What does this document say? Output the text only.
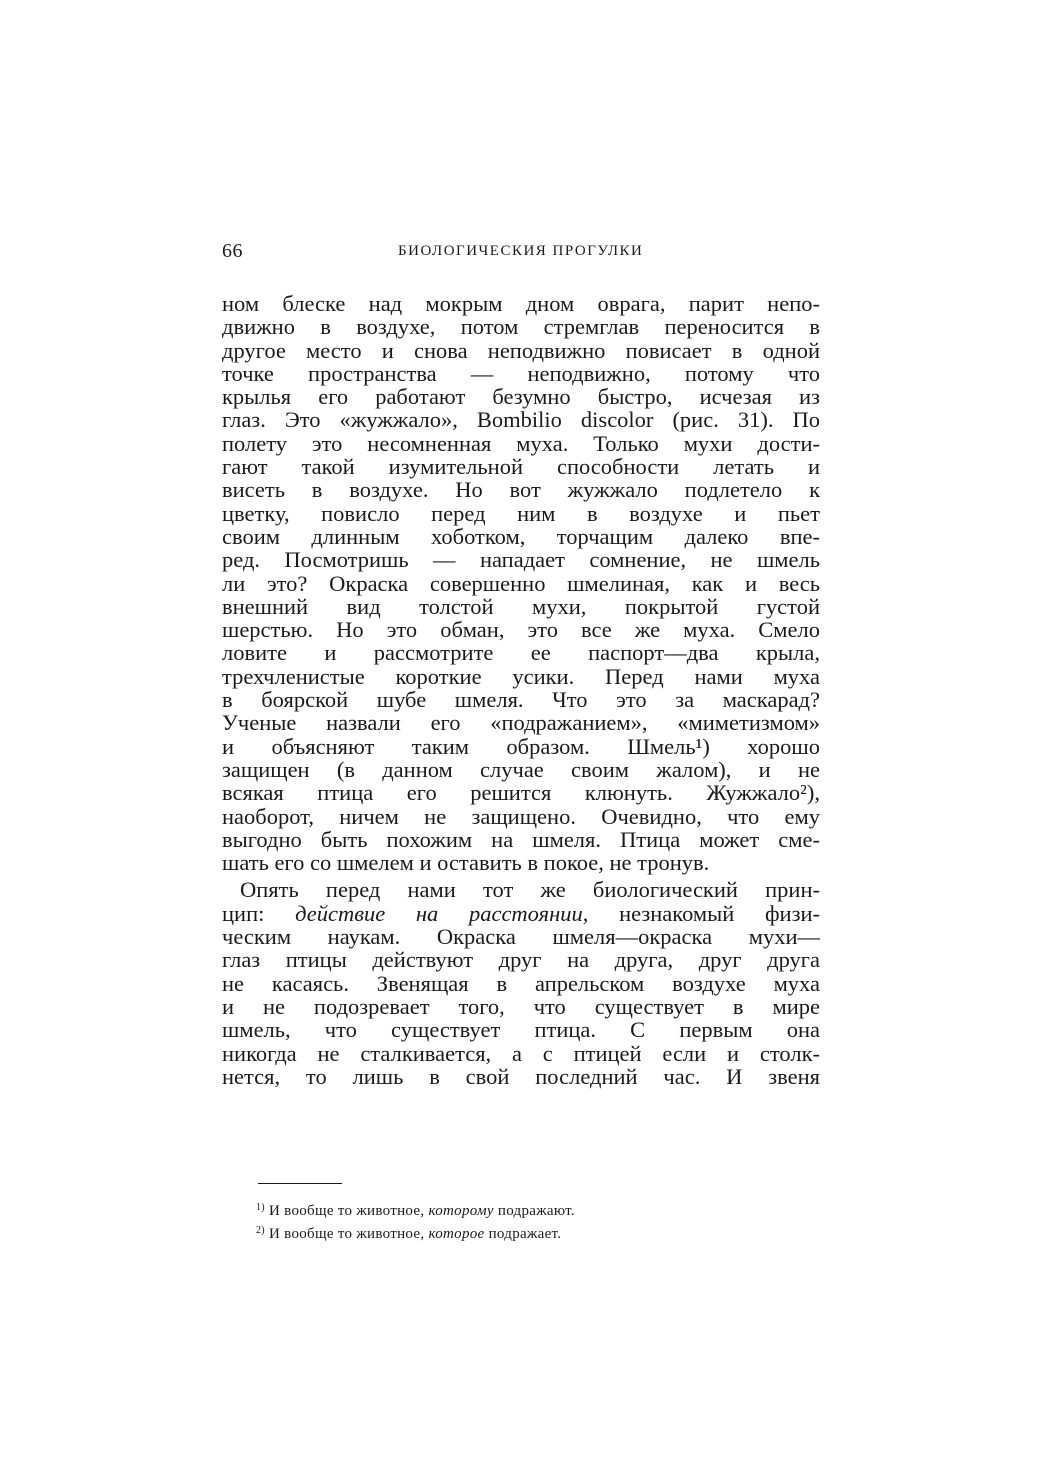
66	БИОЛОГИЧЕСКИЯ ПРОГУЛКИ
ном блеске над мокрым дном оврага, парит непо-
движно в воздухе, потом стремглав переносится в
другое место и снова неподвижно повисает в одной
точке пространства — неподвижно, потому что
крылья его работают безумно быстро, исчезая из
глаз. Это «жужжало», Bombilio discolor (рис. 31). По
полету это несомненная муха. Только мухи дости-
гают такой изумительной способности летать и
висеть в воздухе. Но вот жужжало подлетело к
цветку, повисло перед ним в воздухе и пьет
своим длинным хоботком, торчащим далеко впе-
ред. Посмотришь — нападает сомнение, не шмель
ли это? Окраска совершенно шмелиная, как и весь
внешний вид толстой мухи, покрытой густой
шерстью. Но это обман, это все же муха. Смело
ловите и рассмотрите ее паспорт—два крыла,
трехчленистые короткие усики. Перед нами муха
в боярской шубе шмеля. Что это за маскарад?
Ученые назвали его «подражанием», «миметизмом»
и объясняют таким образом. Шмель¹) хорошо
защищен (в данном случае своим жалом), и не
всякая птица его решится клюнуть. Жужжало²),
наоборот, ничем не защищено. Очевидно, что ему
выгодно быть похожим на шмеля. Птица может сме-
шать его со шмелем и оставить в покое, не тронув.
Опять перед нами тот же биологический прин-
цип: действие на расстоянии, незнакомый физи-
ческим наукам. Окраска шмеля—окраска мухи—
глаз птицы действуют друг на друга, друг друга
не касаясь. Звенящая в апрельском воздухе муха
и не подозревает того, что существует в мире
шмель, что существует птица. С первым она
никогда не сталкивается, а с птицей если и столк-
нется, то лишь в свой последний час. И звеня
$^{1)}$ И вообще то животное, которому подражают.
$^{2)}$ И вообще то животное, которое подражает.
